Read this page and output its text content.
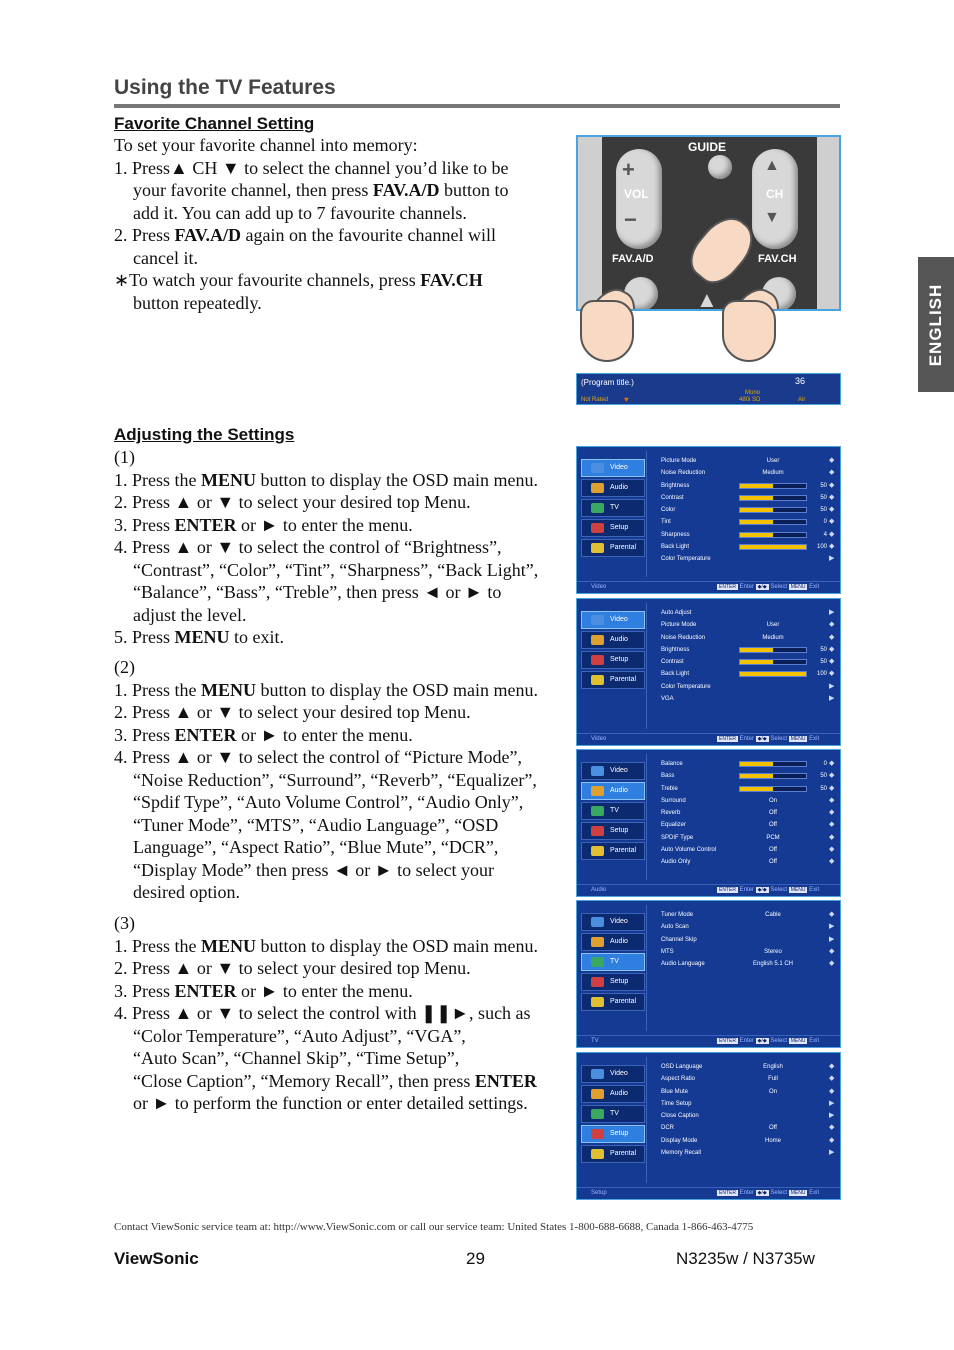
Using the TV Features
ENGLISH
Favorite Channel Setting
To set your favorite channel into memory:
1. Press▲ CH ▼ to select the channel you’d like to be
your favorite channel, then press FAV.A/D button to
add it. You can add up to 7 favourite channels.
2. Press FAV.A/D again on the favourite channel will
cancel it.
∗To watch your favourite channels, press FAV.CH
button repeatedly.
GUIDE
+
VOL
−
▲
CH
▼
FAV.A/D	FAV.CH
▲
(Program title.)	36
Mono
Not Rated ♥	480i SD	Air
Adjusting the Settings
(1)
1. Press the MENU button to display the OSD main menu.
2. Press ▲ or ▼ to select your desired top Menu.
3. Press ENTER or ► to enter the menu.
4. Press ▲ or ▼ to select the control of “Brightness”,
“Contrast”, “Color”, “Tint”, “Sharpness”, “Back Light”,
“Balance”, “Bass”, “Treble”, then press ◄ or ► to
adjust the level.
5. Press MENU to exit.
(2)
1. Press the MENU button to display the OSD main menu.
2. Press ▲ or ▼ to select your desired top Menu.
3. Press ENTER or ► to enter the menu.
4. Press ▲ or ▼ to select the control of “Picture Mode”,
“Noise Reduction”, “Surround”, “Reverb”, “Equalizer”,
“Spdif Type”, “Auto Volume Control”, “Audio Only”,
“Tuner Mode”, “MTS”, “Audio Language”, “OSD
Language”, “Aspect Ratio”, “Blue Mute”, “DCR”,
“Display Mode” then press ◄ or ► to select your
desired option.
(3)
1. Press the MENU button to display the OSD main menu.
2. Press ▲ or ▼ to select your desired top Menu.
3. Press ENTER or ► to enter the menu.
4. Press ▲ or ▼ to select the control with ❚❚►, such as
“Color Temperature”, “Auto Adjust”, “VGA”,
“Auto Scan”, “Channel Skip”, “Time Setup”,
“Close Caption”, “Memory Recall”, then press ENTER
or ► to perform the function or enter detailed settings.
Video
Audio
TV
Setup
Parental
Picture Mode	User	◆
Noise Reduction	Medium	◆
Brightness	50 ◆
Contrast	50 ◆
Color	50 ◆
Tint	0 ◆
Sharpness	4 ◆
Back Light	100 ◆
Color Temperature	▶
Video	ENTER Enter ◆/◆ Select MENU Exit
Video
Audio
Setup
Parental
Auto Adjust	▶
Picture Mode	User	◆
Noise Reduction	Medium	◆
Brightness	50 ◆
Contrast	50 ◆
Back Light	100 ◆
Color Temperature	▶
VGA	▶
Video	ENTER Enter ◆/◆ Select MENU Exit
Video
Audio
TV
Setup
Parental
Balance	0 ◆
Bass	50 ◆
Treble	50 ◆
Surround	On	◆
Reverb	Off	◆
Equalizer	Off	◆
SPDIF Type	PCM	◆
Auto Volume Control	Off	◆
Audio Only	Off	◆
Audio	ENTER Enter ◆/◆ Select MENU Exit
Video
Audio
TV
Setup
Parental
Tuner Mode	Cable	◆
Auto Scan	▶
Channel Skip	▶
MTS	Stereo	◆
Audio Language	English 5.1 CH	◆
TV	ENTER Enter ◆/◆ Select MENU Exit
Video
Audio
TV
Setup
Parental
OSD Language	English	◆
Aspect Ratio	Full	◆
Blue Mute	On	◆
Time Setup	▶
Close Caption	▶
DCR	Off	◆
Display Mode	Home	◆
Memory Recall	▶
Setup	ENTER Enter ◆/◆ Select MENU Exit
Contact ViewSonic service team at: http://www.ViewSonic.com or call our service team: United States 1-800-688-6688, Canada 1-866-463-4775
ViewSonic	29	N3235w / N3735w
